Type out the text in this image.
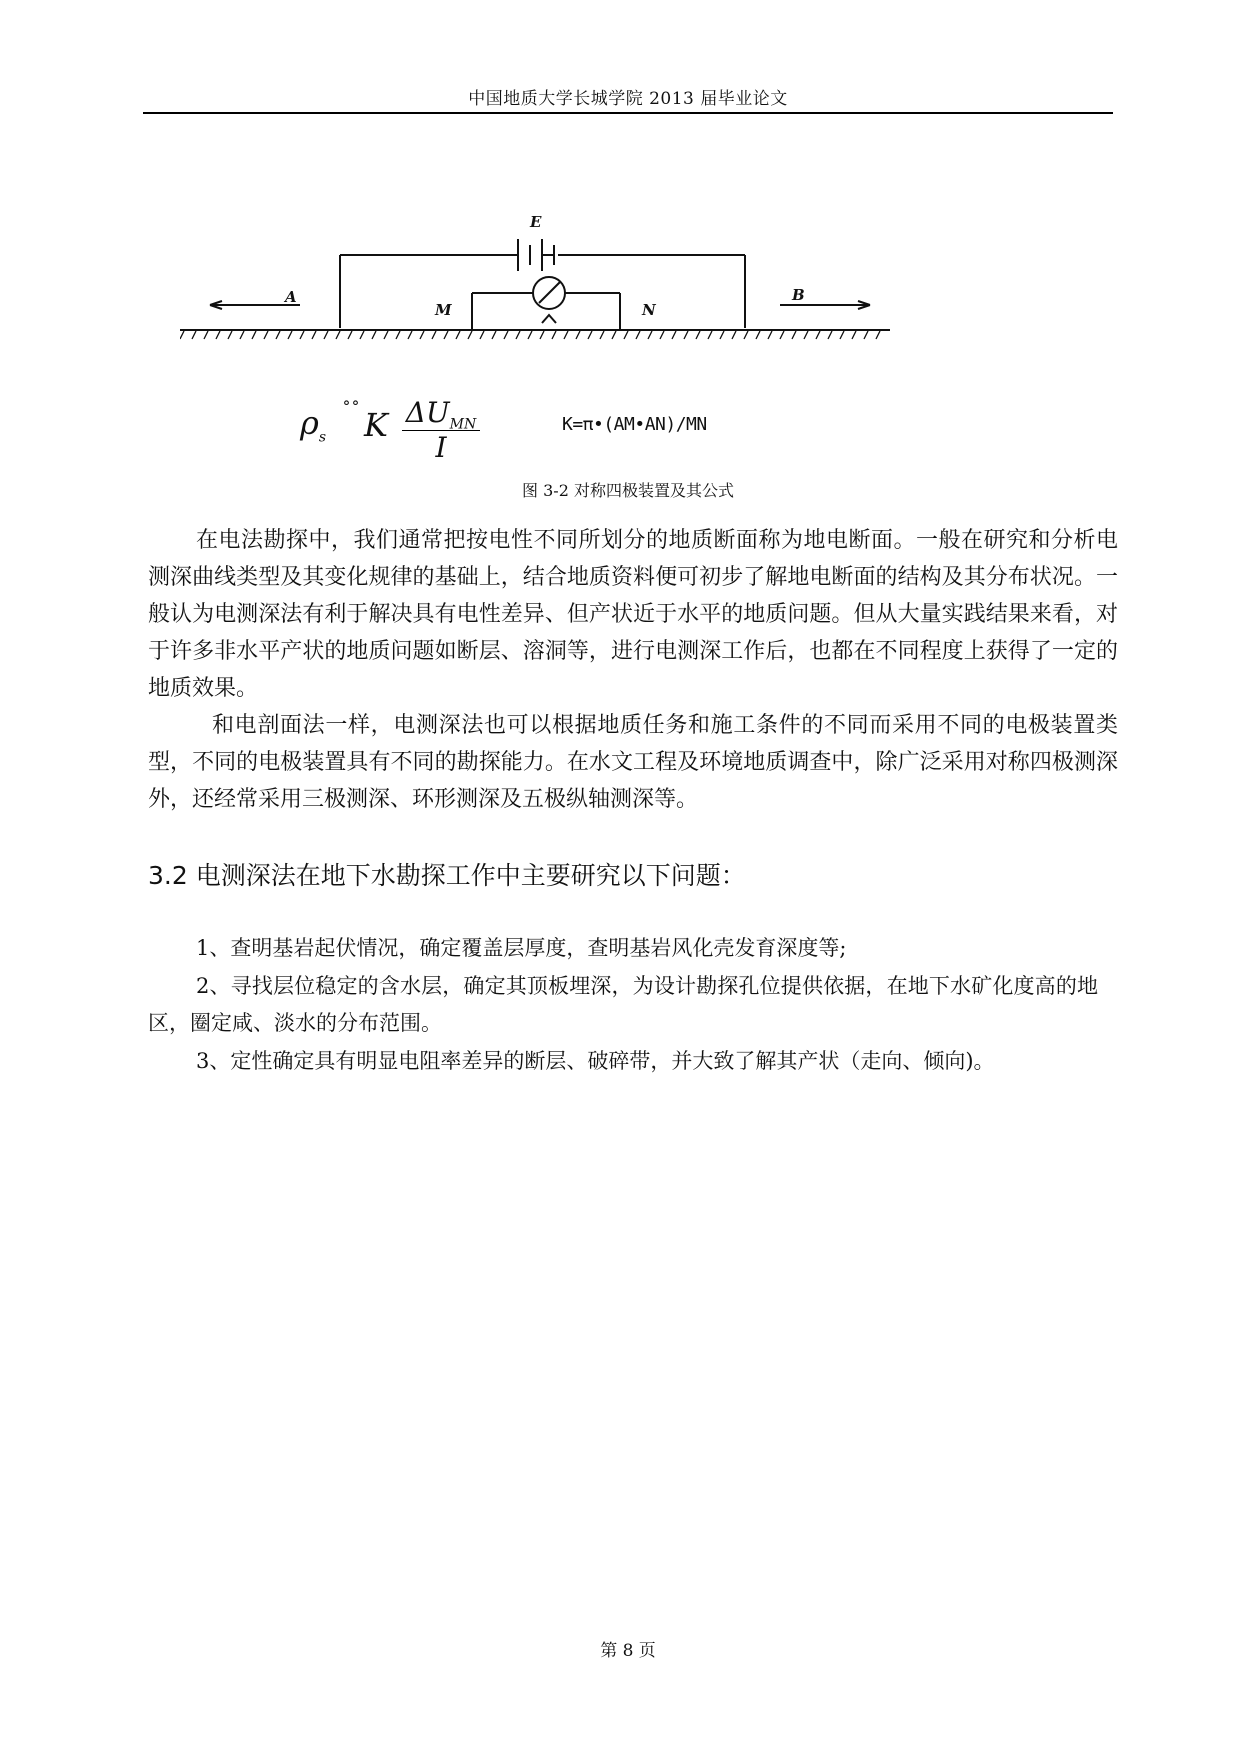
中国地质大学长城学院 2013 届毕业论文
E
A
M	N
B
$\rho_s$
˚˚ K $\Delta U_{MN}$
I
K=π•(AM•AN)/MN
图 3-2 对称四极装置及其公式
在电法勘探中，我们通常把按电性不同所划分的地质断面称为地电断面。一般在研究和分析电测深曲线类型及其变化规律的基础上，结合地质资料便可初步了解地电断面的结构及其分布状况。一般认为电测深法有利于解决具有电性差异、但产状近于水平的地质问题。但从大量实践结果来看，对于许多非水平产状的地质问题如断层、溶洞等，进行电测深工作后，也都在不同程度上获得了一定的地质效果。
和电剖面法一样，电测深法也可以根据地质任务和施工条件的不同而采用不同的电极装置类型，不同的电极装置具有不同的勘探能力。在水文工程及环境地质调查中，除广泛采用对称四极测深外，还经常采用三极测深、环形测深及五极纵轴测深等。
3.2 电测深法在地下水勘探工作中主要研究以下问题：
1、查明基岩起伏情况，确定覆盖层厚度，查明基岩风化壳发育深度等;
2、寻找层位稳定的含水层，确定其顶板埋深，为设计勘探孔位提供依据，在地下水矿化度高的地区，圈定咸、淡水的分布范围。
3、定性确定具有明显电阻率差异的断层、破碎带，并大致了解其产状（走向、倾向)。
第 8 页
